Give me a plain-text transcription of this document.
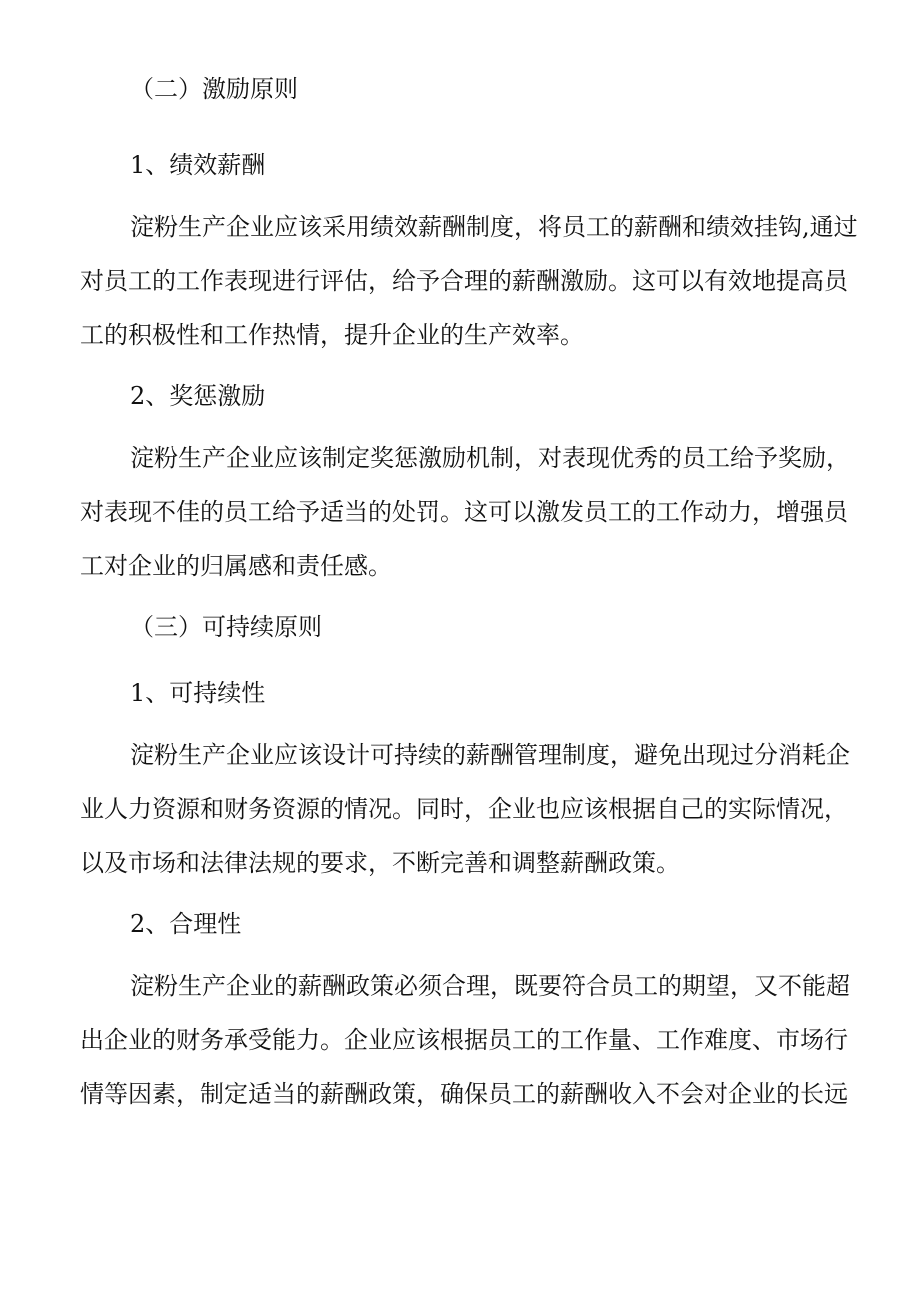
（二）激励原则
1、绩效薪酬
淀粉生产企业应该采用绩效薪酬制度，将员工的薪酬和绩效挂钩,通过
对员工的工作表现进行评估，给予合理的薪酬激励。这可以有效地提高员
工的积极性和工作热情，提升企业的生产效率。
2、奖惩激励
淀粉生产企业应该制定奖惩激励机制，对表现优秀的员工给予奖励，
对表现不佳的员工给予适当的处罚。这可以激发员工的工作动力，增强员
工对企业的归属感和责任感。
（三）可持续原则
1、可持续性
淀粉生产企业应该设计可持续的薪酬管理制度，避免出现过分消耗企
业人力资源和财务资源的情况。同时，企业也应该根据自己的实际情况，
以及市场和法律法规的要求，不断完善和调整薪酬政策。
2、合理性
淀粉生产企业的薪酬政策必须合理，既要符合员工的期望，又不能超
出企业的财务承受能力。企业应该根据员工的工作量、工作难度、市场行
情等因素，制定适当的薪酬政策，确保员工的薪酬收入不会对企业的长远
